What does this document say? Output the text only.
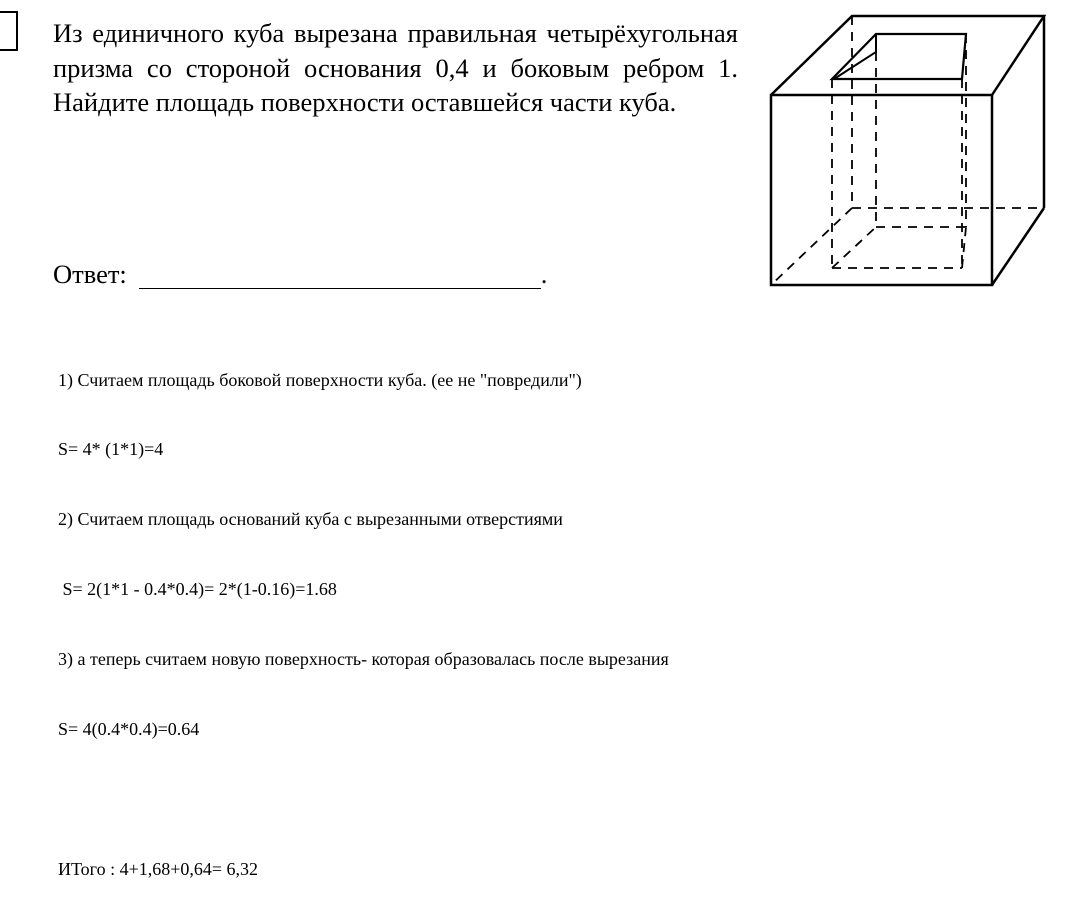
Из единичного куба вырезана правильная четырёхугольная призма со стороной основания 0,4 и боковым ребром 1. Найдите площадь поверхности оставшейся части куба.
Ответ:	.

1) Считаем площадь боковой поверхности куба. (ее не "повредили")

S= 4* (1*1)=4

2) Считаем площадь оснований куба с вырезанными отверстиями

S= 2(1*1 - 0.4*0.4)= 2*(1-0.16)=1.68

3) а теперь считаем новую поверхность- которая образовалась после вырезания

S= 4(0.4*0.4)=0.64

ИТого : 4+1,68+0,64= 6,32
